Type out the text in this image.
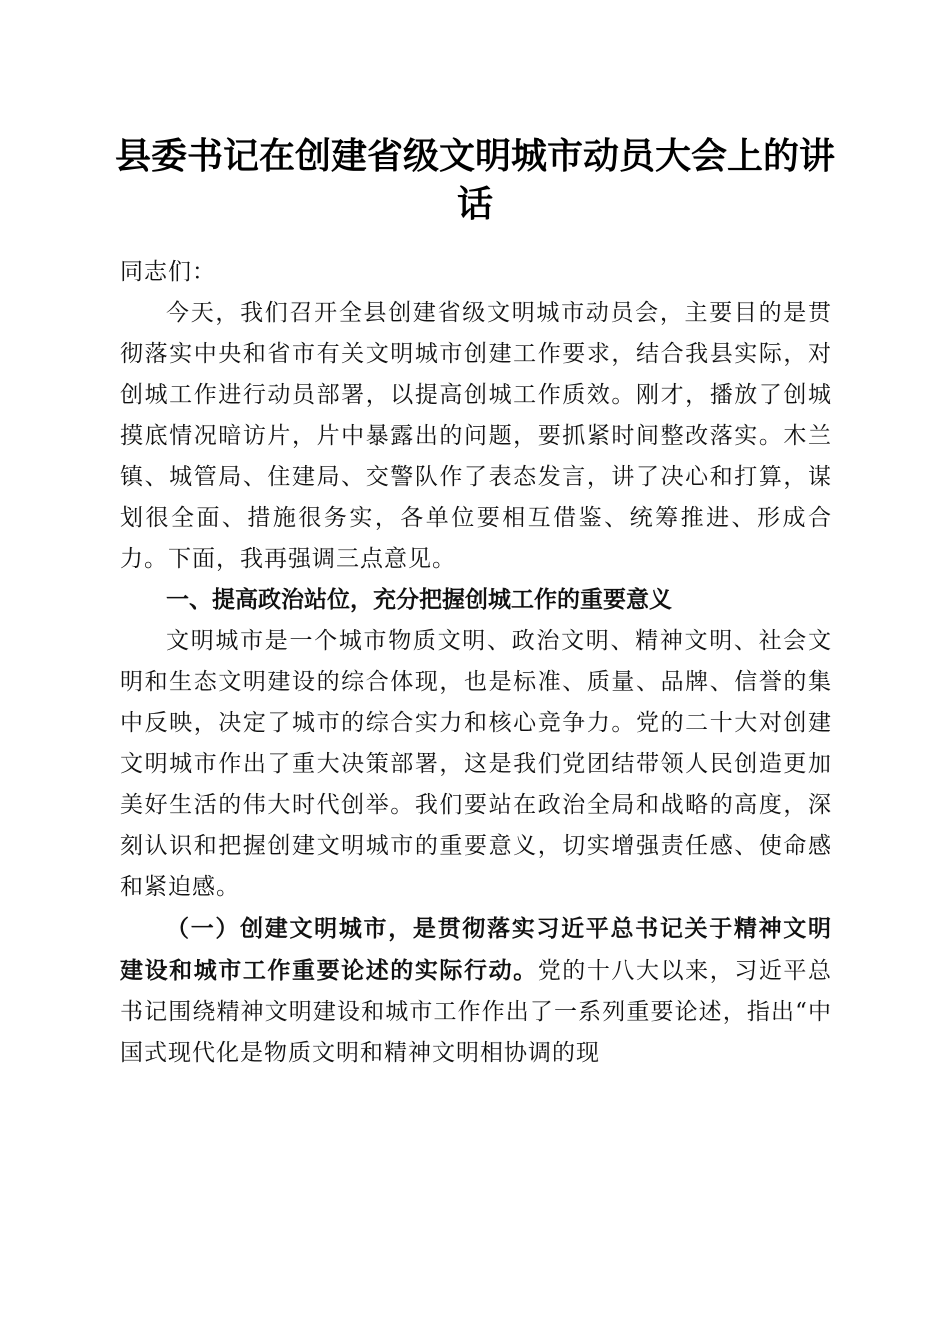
县委书记在创建省级文明城市动员大会上的讲话

同志们：

今天，我们召开全县创建省级文明城市动员会，主要目的是贯彻落实中央和省市有关文明城市创建工作要求，结合我县实际，对创城工作进行动员部署，以提高创城工作质效。刚才，播放了创城摸底情况暗访片，片中暴露出的问题，要抓紧时间整改落实。木兰镇、城管局、住建局、交警队作了表态发言，讲了决心和打算，谋划很全面、措施很务实，各单位要相互借鉴、统筹推进、形成合力。下面，我再强调三点意见。

一、提高政治站位，充分把握创城工作的重要意义

文明城市是一个城市物质文明、政治文明、精神文明、社会文明和生态文明建设的综合体现，也是标准、质量、品牌、信誉的集中反映，决定了城市的综合实力和核心竞争力。党的二十大对创建文明城市作出了重大决策部署，这是我们党团结带领人民创造更加美好生活的伟大时代创举。我们要站在政治全局和战略的高度，深刻认识和把握创建文明城市的重要意义，切实增强责任感、使命感和紧迫感。

（一）创建文明城市，是贯彻落实习近平总书记关于精神文明建设和城市工作重要论述的实际行动。党的十八大以来，习近平总书记围绕精神文明建设和城市工作作出了一系列重要论述，指出“中国式现代化是物质文明和精神文明相协调的现
